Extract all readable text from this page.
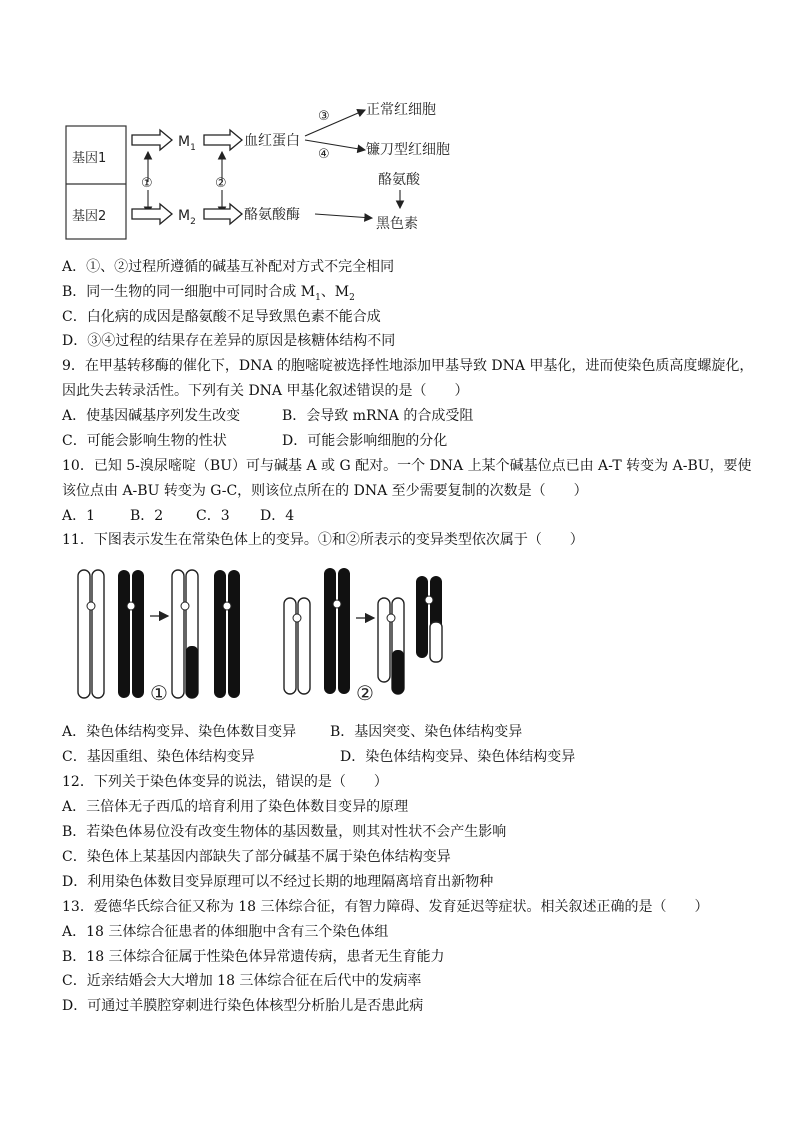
基因1
基因2
$M_1$	血红蛋白
③
④
正常红细胞
镰刀型红细胞
①	②
$M_2$	酪氨酸酶
酪氨酸
黑色素
A．①、②过程所遵循的碱基互补配对方式不完全相同
B．同一生物的同一细胞中可同时合成 $M_1$、$M_2$
C．白化病的成因是酪氨酸不足导致黑色素不能合成
D．③④过程的结果存在差异的原因是核糖体结构不同
9．在甲基转移酶的催化下，DNA 的胞嘧啶被选择性地添加甲基导致 DNA 甲基化，进而使染色质高度螺旋化，
因此失去转录活性。下列有关 DNA 甲基化叙述错误的是（　　）
A．使基因碱基序列发生改变	B．会导致 mRNA 的合成受阻
C．可能会影响生物的性状	D．可能会影响细胞的分化
10．已知 5-溴尿嘧啶（BU）可与碱基 A 或 G 配对。一个 DNA 上某个碱基位点已由 A-T 转变为 A-BU，要使
该位点由 A-BU 转变为 G-C，则该位点所在的 DNA 至少需要复制的次数是（　　）
A．1 B．2 C．3 D．4
11．下图表示发生在常染色体上的变异。①和②所表示的变异类型依次属于（　　）
①	②
A．染色体结构变异、染色体数目变异 B．基因突变、染色体结构变异
C．基因重组、染色体结构变异	D．染色体结构变异、染色体结构变异
12．下列关于染色体变异的说法，错误的是（　　）
A．三倍体无子西瓜的培育利用了染色体数目变异的原理
B．若染色体易位没有改变生物体的基因数量，则其对性状不会产生影响
C．染色体上某基因内部缺失了部分碱基不属于染色体结构变异
D．利用染色体数目变异原理可以不经过长期的地理隔离培育出新物种
13．爱德华氏综合征又称为 18 三体综合征，有智力障碍、发育延迟等症状。相关叙述正确的是（　　）
A．18 三体综合征患者的体细胞中含有三个染色体组
B．18 三体综合征属于性染色体异常遗传病，患者无生育能力
C．近亲结婚会大大增加 18 三体综合征在后代中的发病率
D．可通过羊膜腔穿刺进行染色体核型分析胎儿是否患此病
